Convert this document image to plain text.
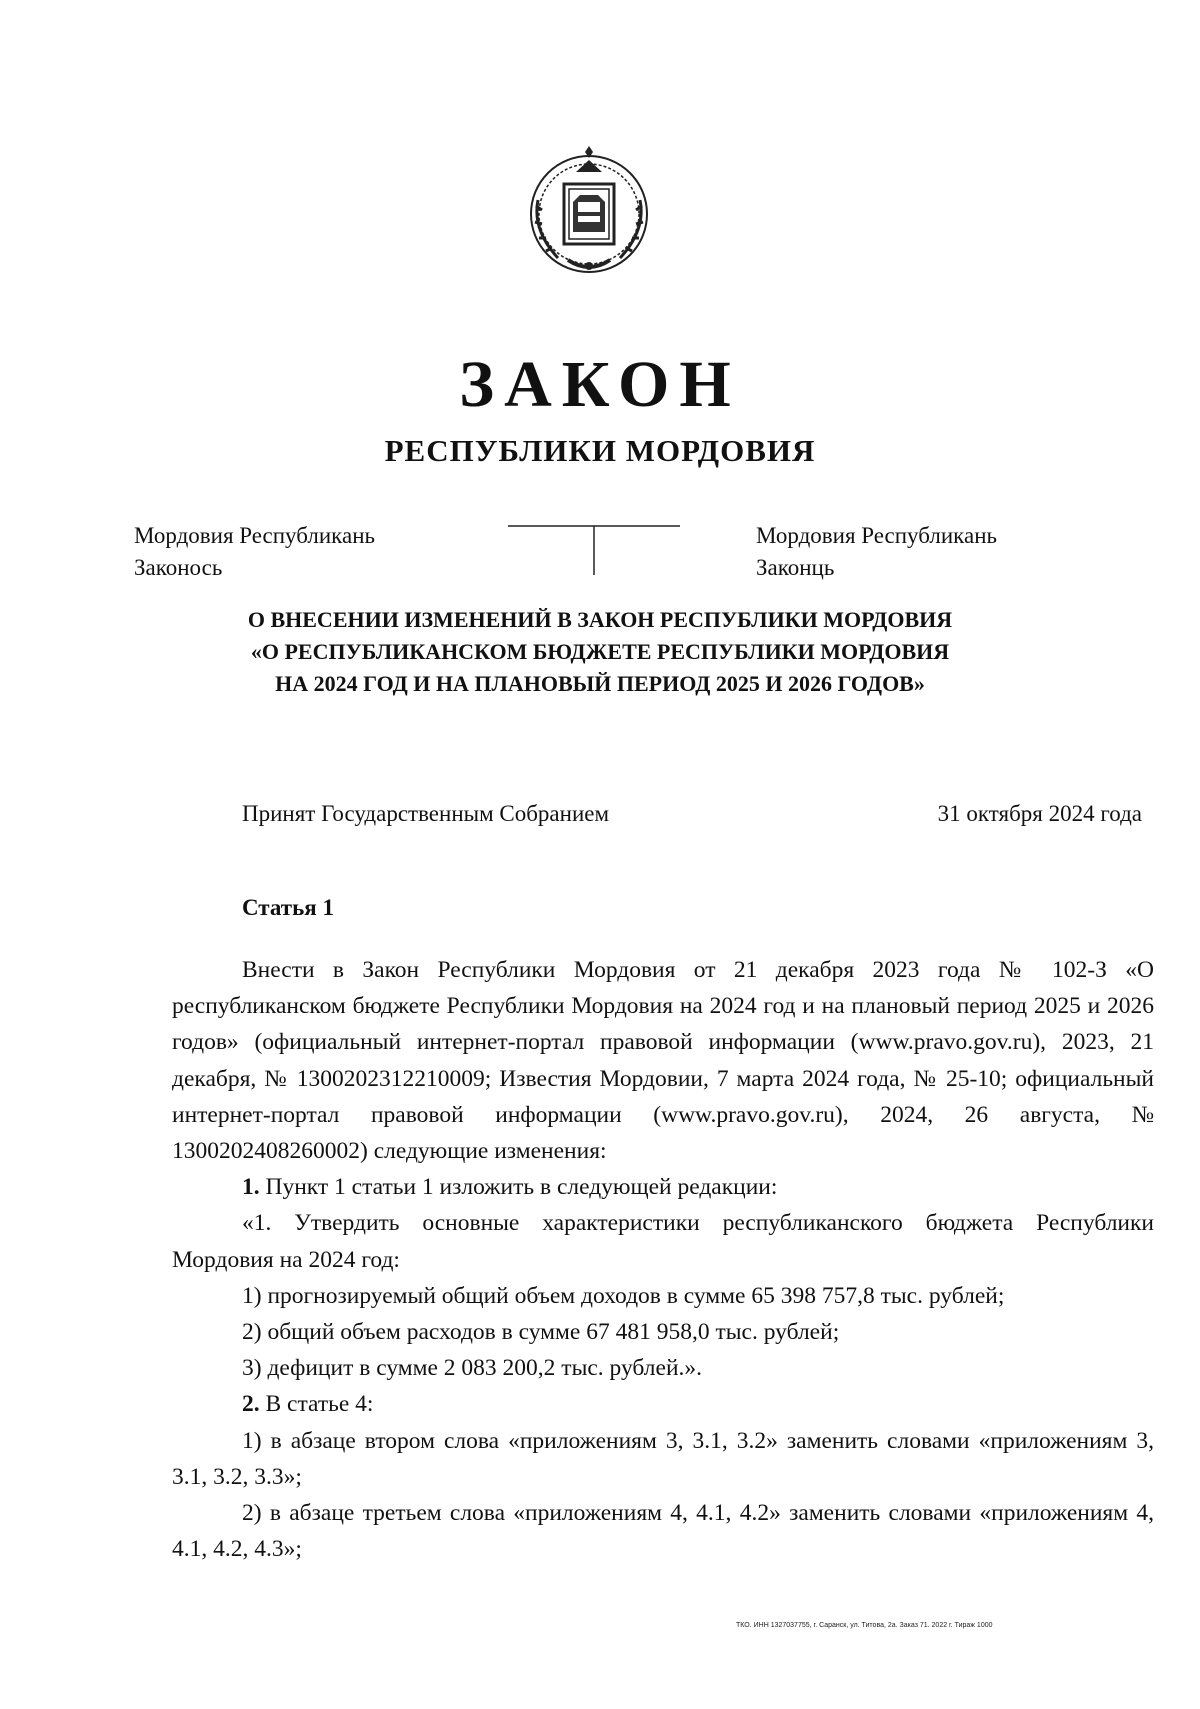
ЗАКОН
РЕСПУБЛИКИ МОРДОВИЯ
Мордовия Республикань
Законось
Мордовия Республикань
Законць
О ВНЕСЕНИИ ИЗМЕНЕНИЙ В ЗАКОН РЕСПУБЛИКИ МОРДОВИЯ
«О РЕСПУБЛИКАНСКОМ БЮДЖЕТЕ РЕСПУБЛИКИ МОРДОВИЯ
НА 2024 ГОД И НА ПЛАНОВЫЙ ПЕРИОД 2025 И 2026 ГОДОВ»
Принят Государственным Собранием	31 октября 2024 года
Статья 1

Внести в Закон Республики Мордовия от 21 декабря 2023 года № 102-З «О республиканском бюджете Республики Мордовия на 2024 год и на плановый период 2025 и 2026 годов» (официальный интернет-портал правовой информации (www.pravo.gov.ru), 2023, 21 декабря, № 1300202312210009; Известия Мордовии, 7 марта 2024 года, № 25-10; официальный интернет-портал правовой информации (www.pravo.gov.ru), 2024, 26 августа, № 1300202408260002) следующие изменения:

1. Пункт 1 статьи 1 изложить в следующей редакции:

«1. Утвердить основные характеристики республиканского бюджета Республики Мордовия на 2024 год:

1) прогнозируемый общий объем доходов в сумме 65 398 757,8 тыс. рублей;

2) общий объем расходов в сумме 67 481 958,0 тыс. рублей;

3) дефицит в сумме 2 083 200,2 тыс. рублей.».

2. В статье 4:

1) в абзаце втором слова «приложениям 3, 3.1, 3.2» заменить словами «приложениям 3, 3.1, 3.2, 3.3»;

2) в абзаце третьем слова «приложениям 4, 4.1, 4.2» заменить словами «приложениям 4, 4.1, 4.2, 4.3»;

ТКО. ИНН 1327037755, г. Саранск, ул. Титова, 2а. Заказ 71. 2022 г. Тираж 1000
